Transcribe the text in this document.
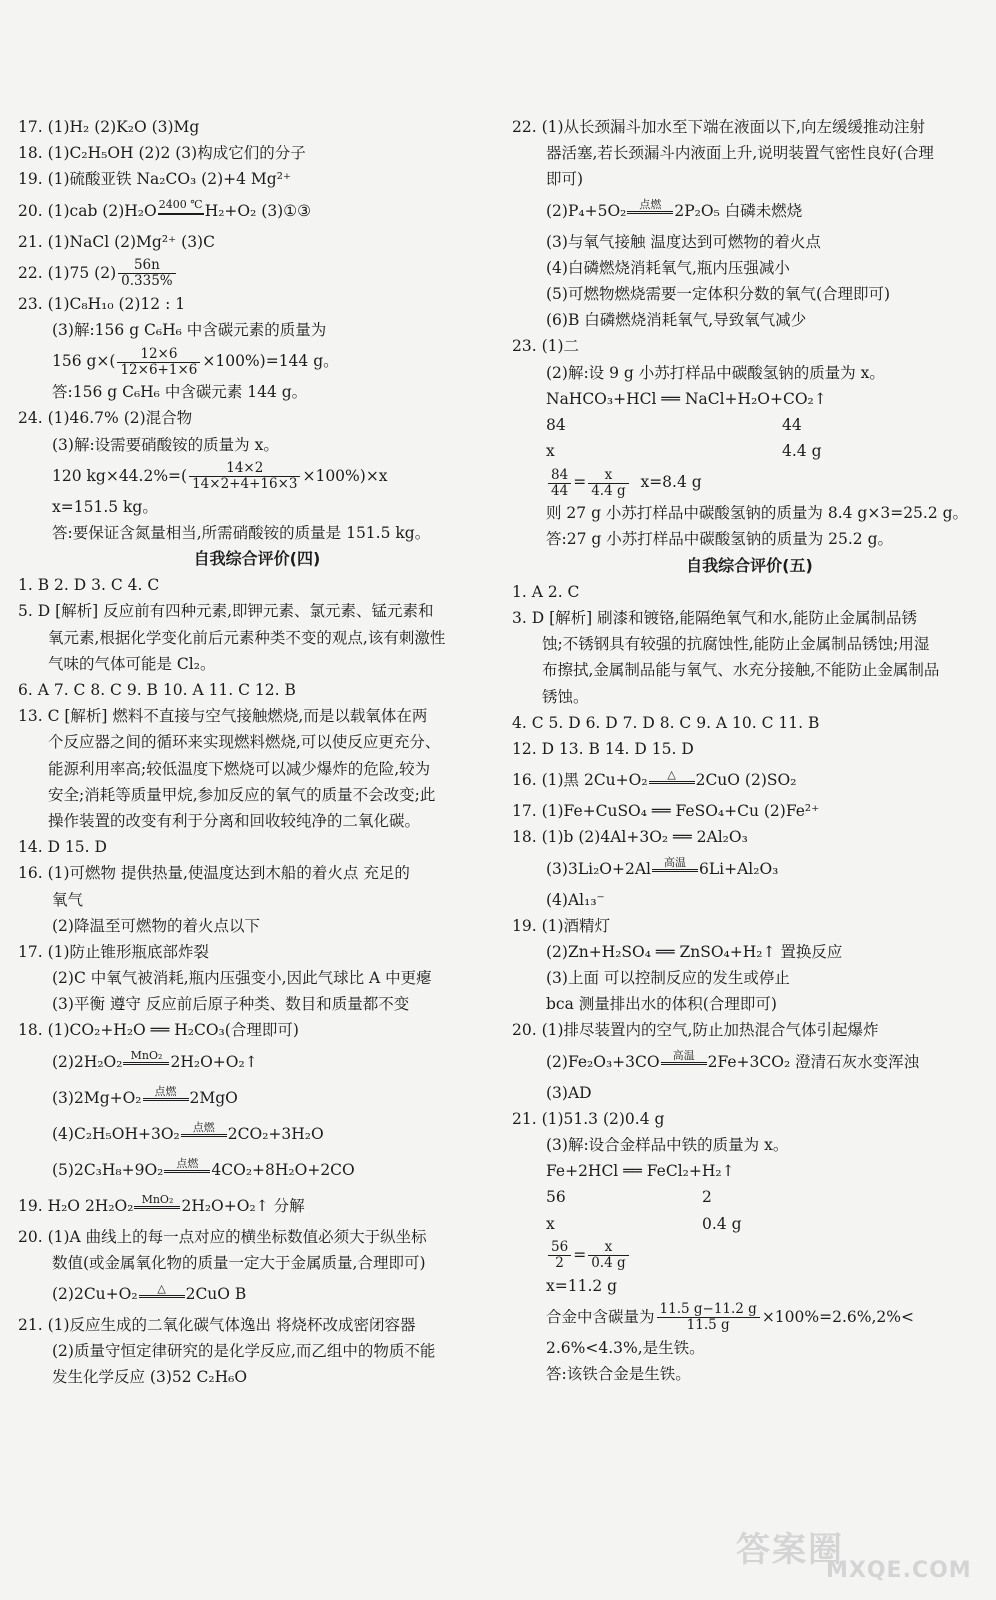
17. (1)H₂ (2)K₂O (3)Mg
18. (1)C₂H₅OH (2)2 (3)构成它们的分子
19. (1)硫酸亚铁 Na₂CO₃ (2)+4 Mg²⁺
20. (1)cab (2)H₂O 2400 ℃ H₂+O₂ (3)①③
21. (1)NaCl (2)Mg²⁺ (3)C
22. (1)75 $(2) \frac{56n}{0.335\%}$
23. (1)C₈H₁₀ (2)12 : 1
(3)解:156 g C₆H₆ 中含碳元素的质量为
156 $g\times( \frac{12\times 6}{12\times 6+1\times 6} \times 100\%)=144$ g。
答:156 g C₆H₆ 中含碳元素 144 g。
24. (1)46.7% (2)混合物
(3)解:设需要硝酸铵的质量为 x。
120 $kg\times 44.2\%=( \frac{14\times 2}{14\times 2+4+16\times 3} \times 100\%)\times x$
x=151.5 kg。
答:要保证含氮量相当,所需硝酸铵的质量是 151.5 kg。
自我综合评价(四)
1. B 2. D 3. C 4. C
5. D [解析] 反应前有四种元素,即钾元素、氯元素、锰元素和
氧元素,根据化学变化前后元素种类不变的观点,该有刺激性
气味的气体可能是 Cl₂。
6. A 7. C 8. C 9. B 10. A 11. C 12. B
13. C [解析] 燃料不直接与空气接触燃烧,而是以载氧体在两
个反应器之间的循环来实现燃料燃烧,可以使反应更充分、
能源利用率高;较低温度下燃烧可以减少爆炸的危险,较为
安全;消耗等质量甲烷,参加反应的氧气的质量不会改变;此
操作装置的改变有利于分离和回收较纯净的二氧化碳。
14. D 15. D
16. (1)可燃物 提供热量,使温度达到木船的着火点 充足的
氧气
(2)降温至可燃物的着火点以下
17. (1)防止锥形瓶底部炸裂
(2)C 中氧气被消耗,瓶内压强变小,因此气球比 A 中更瘪
(3)平衡 遵守 反应前后原子种类、数目和质量都不变
18. (1)CO₂+H₂O ══ H₂CO₃(合理即可)
(2)2H₂O₂ MnO₂ 2H₂O+O₂↑
(3)2Mg+O₂	点燃 2MgO
(4)C₂H₅OH+3O₂	点燃 2CO₂+3H₂O
(5)2C₃H₈+9O₂	点燃 4CO₂+8H₂O+2CO
19. H₂O 2H₂O₂ MnO₂ 2H₂O+O₂↑ 分解
20. (1)A 曲线上的每一点对应的横坐标数值必须大于纵坐标
数值(或金属氧化物的质量一定大于金属质量,合理即可)
(2)2Cu+O₂	△	2CuO B
21. (1)反应生成的二氧化碳气体逸出 将烧杯改成密闭容器
(2)质量守恒定律研究的是化学反应,而乙组中的物质不能
发生化学反应 (3)52 C₂H₆O
22. (1)从长颈漏斗加水至下端在液面以下,向左缓缓推动注射
器活塞,若长颈漏斗内液面上升,说明装置气密性良好(合理
即可)
(2)P₄+5O₂	点燃 2P₂O₅ 白磷未燃烧
(3)与氧气接触 温度达到可燃物的着火点
(4)白磷燃烧消耗氧气,瓶内压强减小
(5)可燃物燃烧需要一定体积分数的氧气(合理即可)
(6)B 白磷燃烧消耗氧气,导致氧气减少
23. (1)二
(2)解:设 9 g 小苏打样品中碳酸氢钠的质量为 x。
NaHCO₃+HCl ══ NaCl+H₂O+CO₂↑
84	44
x	4.4 g
$\frac{84}{44} = \frac{x}{4.4 g} x=8.4$ g
则 27 g 小苏打样品中碳酸氢钠的质量为 8.4 g×3=25.2 g。
答:27 g 小苏打样品中碳酸氢钠的质量为 25.2 g。
自我综合评价(五)
1. A 2. C
3. D [解析] 刷漆和镀铬,能隔绝氧气和水,能防止金属制品锈
蚀;不锈钢具有较强的抗腐蚀性,能防止金属制品锈蚀;用湿
布擦拭,金属制品能与氧气、水充分接触,不能防止金属制品
锈蚀。
4. C 5. D 6. D 7. D 8. C 9. A 10. C 11. B
12. D 13. B 14. D 15. D
16. (1)黑 2Cu+O₂	△	2CuO (2)SO₂
17. (1)Fe+CuSO₄ ══ FeSO₄+Cu (2)Fe²⁺
18. (1)b (2)4Al+3O₂ ══ 2Al₂O₃
(3)3Li₂O+2Al	高温 6Li+Al₂O₃
(4)Al₁₃⁻
19. (1)酒精灯
(2)Zn+H₂SO₄ ══ ZnSO₄+H₂↑ 置换反应
(3)上面 可以控制反应的发生或停止
bca 测量排出水的体积(合理即可)
20. (1)排尽装置内的空气,防止加热混合气体引起爆炸
(2)Fe₂O₃+3CO	高温 2Fe+3CO₂ 澄清石灰水变浑浊
(3)AD
21. (1)51.3 (2)0.4 g
(3)解:设合金样品中铁的质量为 x。
Fe+2HCl ══ FeCl₂+H₂↑
56	2
x	0.4 g
$\frac{56}{2} = \frac{x}{0.4 g}$
x=11.2 g
合金中含碳量为 $\frac{11.5 g-11.2 g}{11.5 g} \times 100\%=2.6\%,2\%<$
2.6%<4.3%,是生铁。
答:该铁合金是生铁。
答案圈
MXQE.COM
